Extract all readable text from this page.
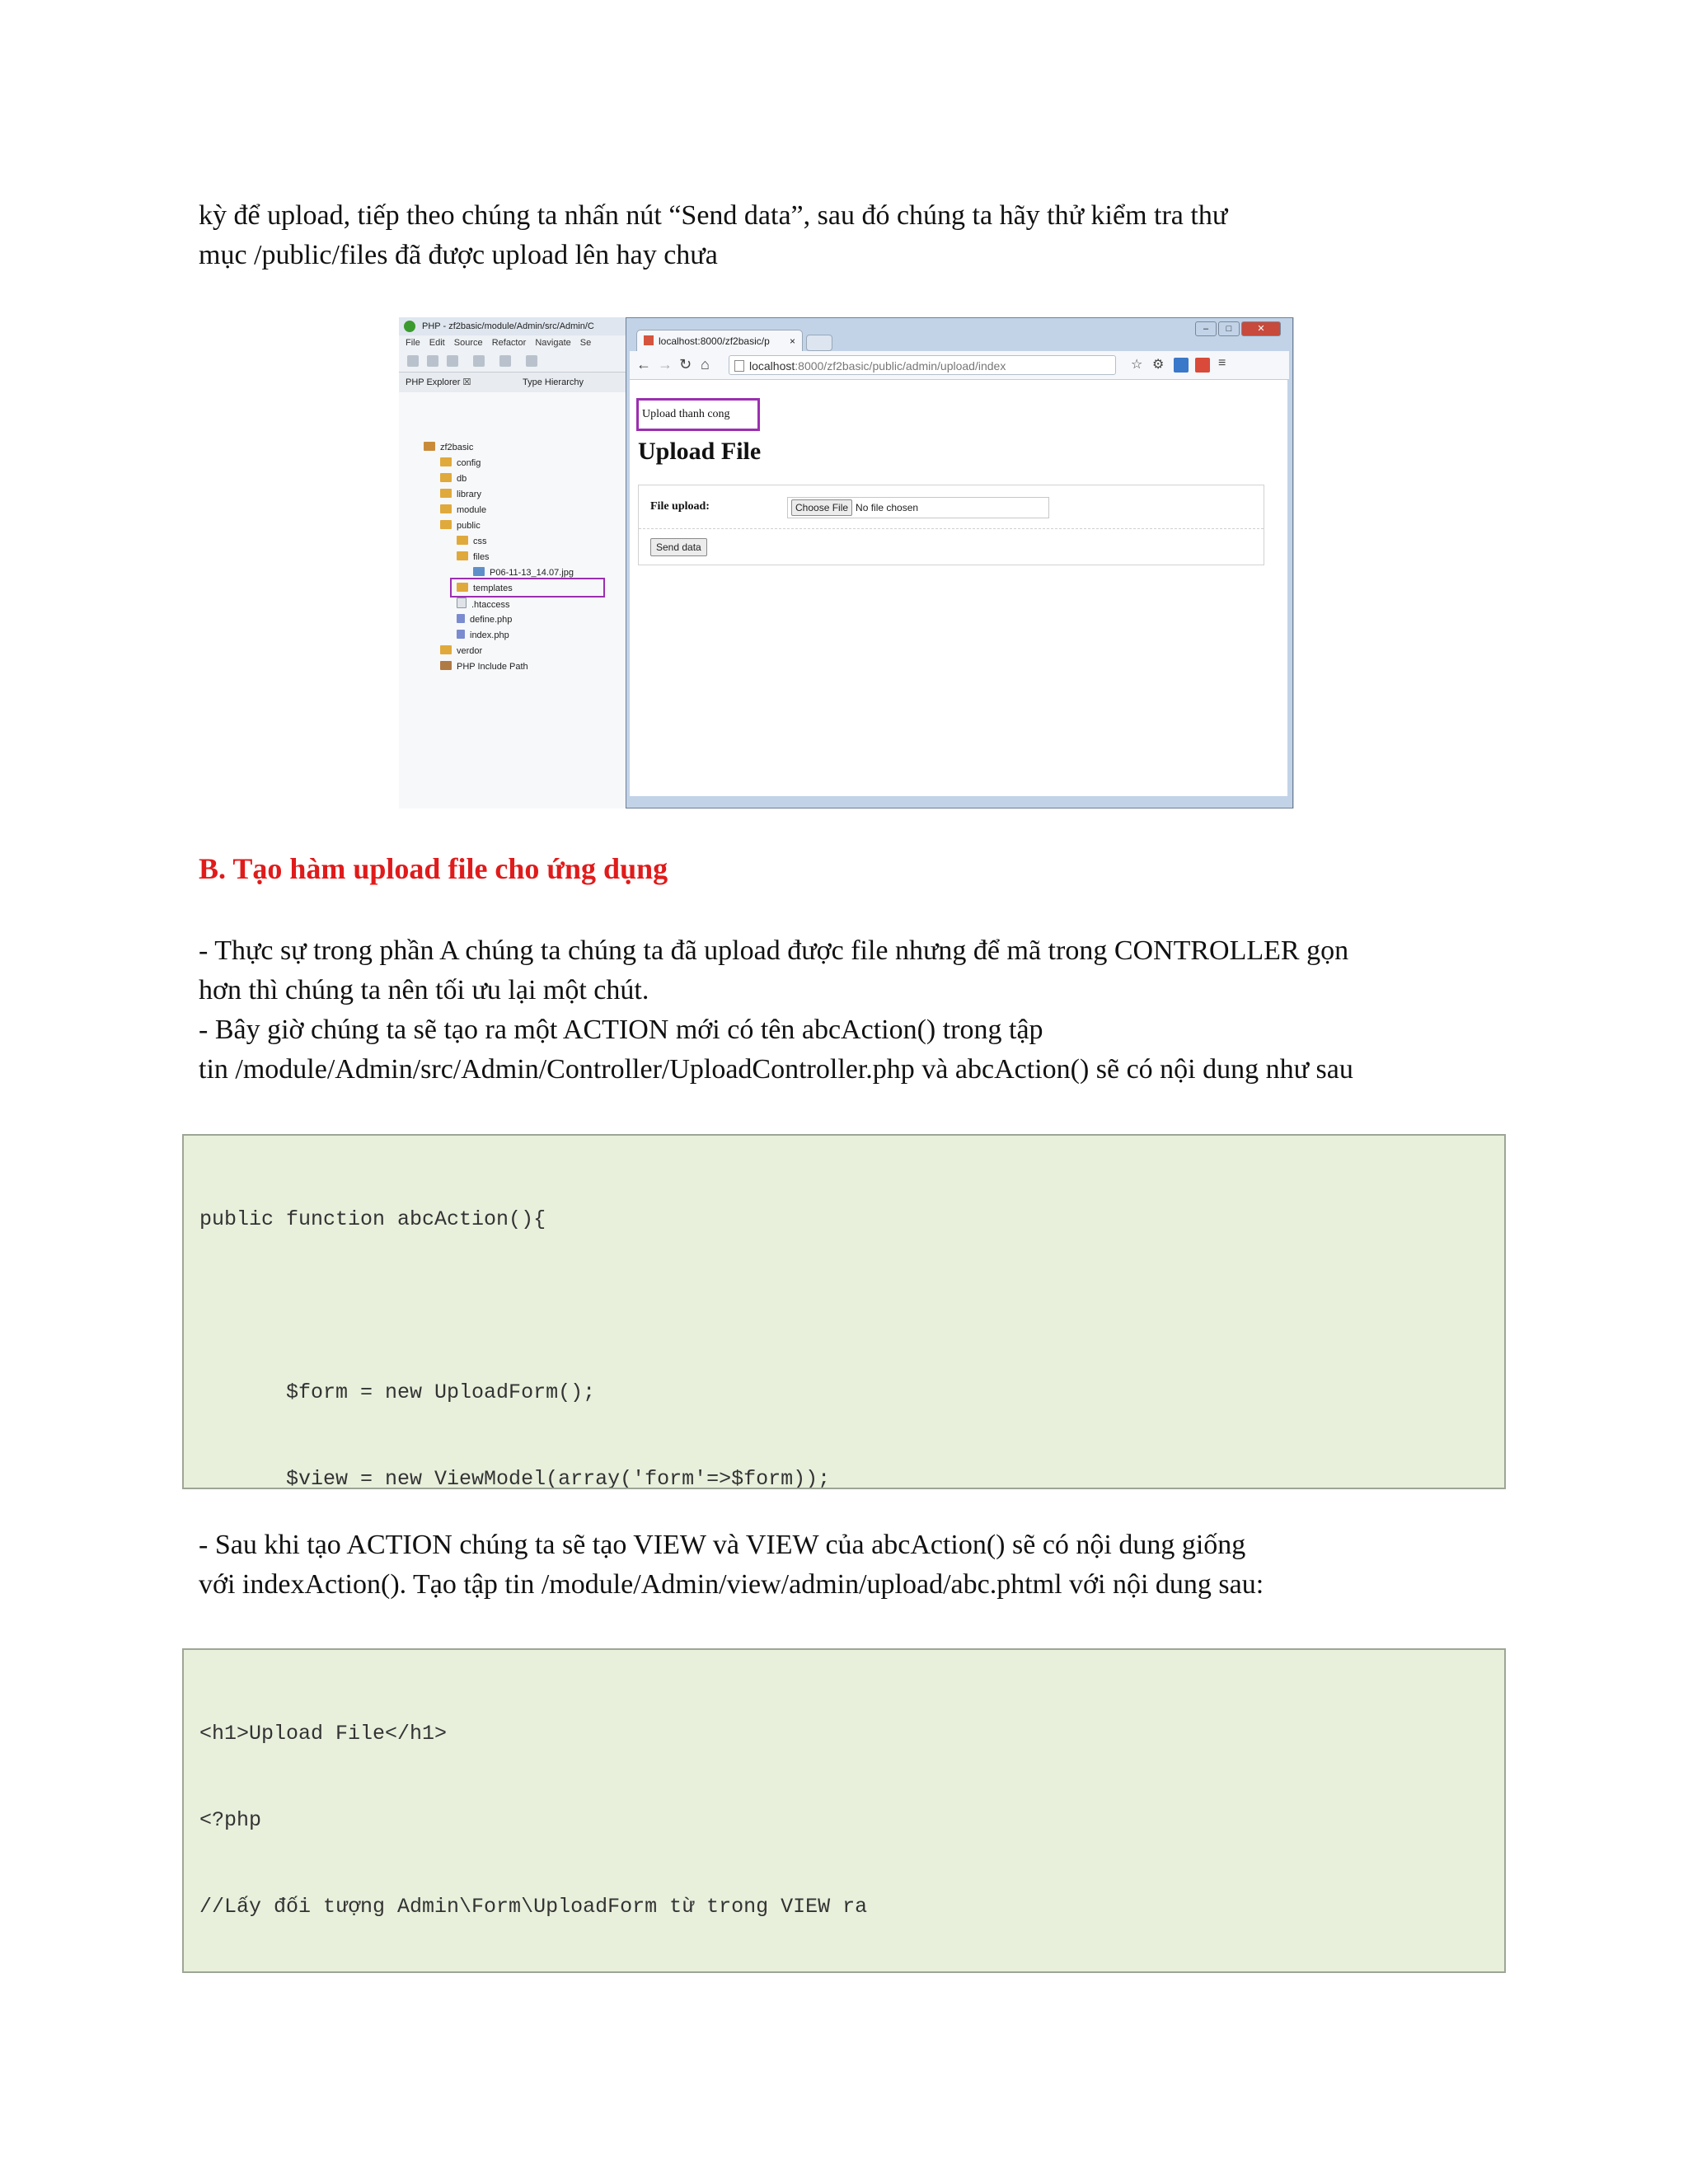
kỳ để upload, tiếp theo chúng ta nhấn nút “Send data”, sau đó chúng ta hãy thử kiểm tra thư

mục /public/files đã được upload lên hay chưa

PHP - zf2basic/module/Admin/src/Admin/C
File Edit Source Refactor Navigate Se
PHP Explorer ☒	Type Hierarchy
zf2basic
config
db
library
module
public
css
files
P06-11-13_14.07.jpg
templates
.htaccess
define.php
index.php
verdor
PHP Include Path
–	□	✕
localhost:8000/zf2basic/p ×
← → ↻ ⌂	localhost:8000/zf2basic/public/admin/upload/index	☆ ⚙	≡
Upload thanh cong
Upload File
File upload:	Choose File No file chosen
Send data
B. Tạo hàm upload file cho ứng dụng

- Thực sự trong phần A chúng ta chúng ta đã upload được file nhưng để mã trong CONTROLLER gọn

hơn thì chúng ta nên tối ưu lại một chút.

- Bây giờ chúng ta sẽ tạo ra một ACTION mới có tên abcAction() trong tập

tin /module/Admin/src/Admin/Controller/UploadController.php và abcAction() sẽ có nội dung như sau

public function abcAction(){

$form = new UploadForm();

$view = new ViewModel(array('form'=>$form));

- Sau khi tạo ACTION chúng ta sẽ tạo VIEW và VIEW của abcAction() sẽ có nội dung giống

với indexAction(). Tạo tập tin /module/Admin/view/admin/upload/abc.phtml với nội dung sau:

<h1>Upload File</h1>

<?php

//Lấy đối tượng Admin\Form\UploadForm từ trong VIEW ra
